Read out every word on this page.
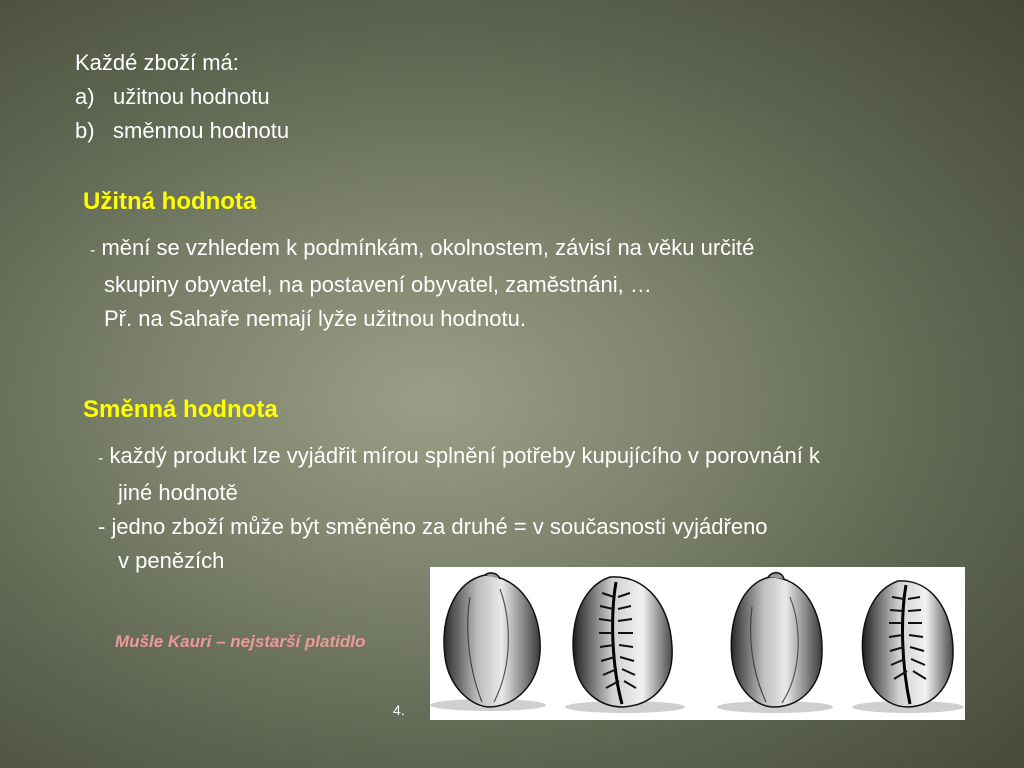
Každé zboží má:
a) užitnou hodnotu
b) směnnou hodnotu
Užitná hodnota
- mění se vzhledem k podmínkám, okolnostem, závisí na věku určité
skupiny obyvatel, na postavení obyvatel, zaměstnáni, …
Př. na Sahaře nemají lyže užitnou hodnotu.
Směnná hodnota
- každý produkt lze vyjádřit mírou splnění potřeby kupujícího v porovnání k
jiné hodnotě
- jedno zboží může být směněno za druhé = v současnosti vyjádřeno
v penězích
Mušle Kauri – nejstarší platidlo
4.
